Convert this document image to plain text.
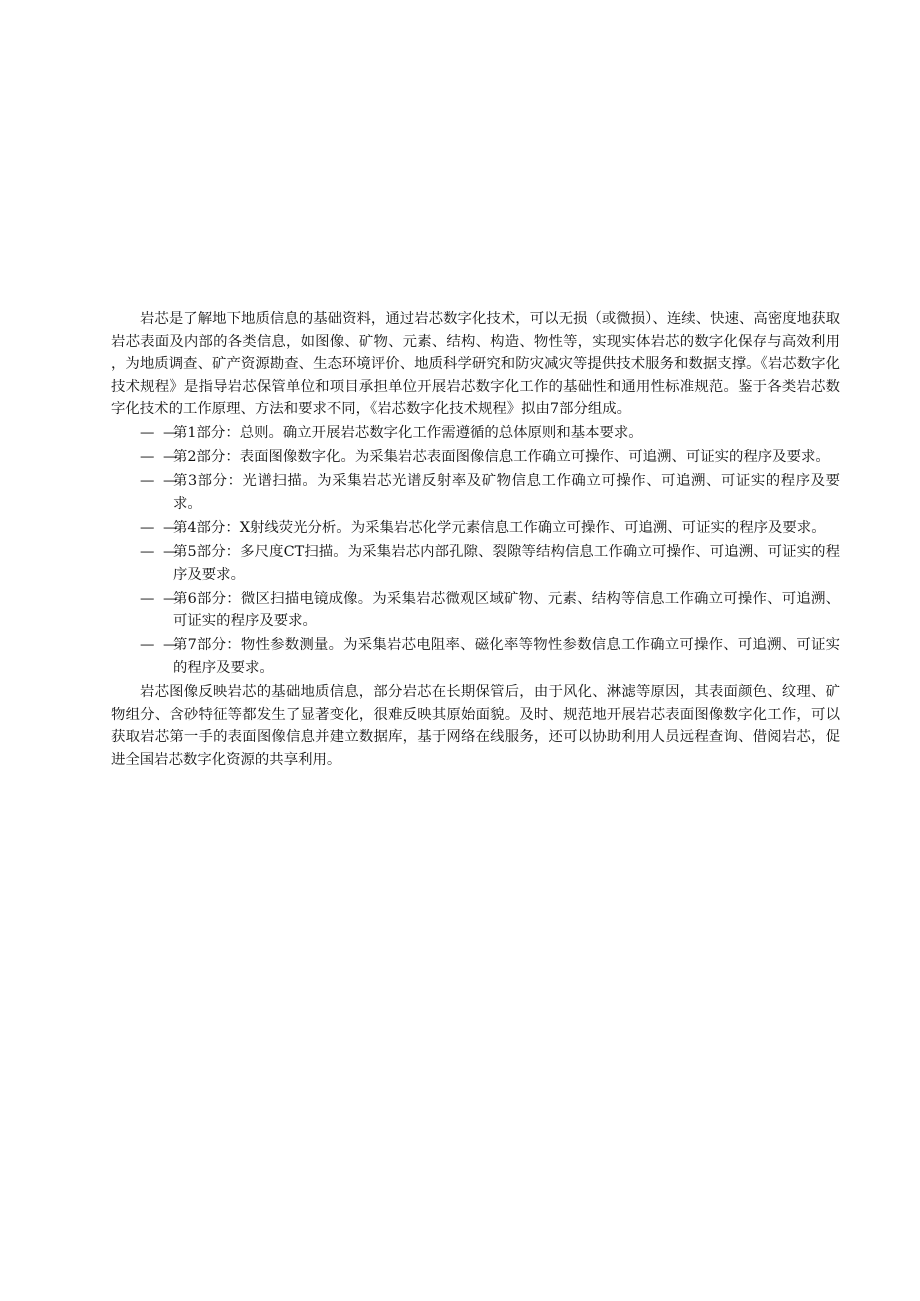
岩芯是了解地下地质信息的基础资料，通过岩芯数字化技术，可以无损（或微损）、连续、快速、高密度地获取岩芯表面及内部的各类信息，如图像、矿物、元素、结构、构造、物性等，实现实体岩芯的数字化保存与高效利用，为地质调查、矿产资源勘查、生态环境评价、地质科学研究和防灾减灾等提供技术服务和数据支撑。《岩芯数字化技术规程》是指导岩芯保管单位和项目承担单位开展岩芯数字化工作的基础性和通用性标准规范。鉴于各类岩芯数字化技术的工作原理、方法和要求不同，《岩芯数字化技术规程》拟由7部分组成。

— —
第1部分：总则。确立开展岩芯数字化工作需遵循的总体原则和基本要求。
— —
第2部分：表面图像数字化。为采集岩芯表面图像信息工作确立可操作、可追溯、可证实的程序及要求。
— —
第3部分：光谱扫描。为采集岩芯光谱反射率及矿物信息工作确立可操作、可追溯、可证实的程序及要求。
— —
第4部分：X射线荧光分析。为采集岩芯化学元素信息工作确立可操作、可追溯、可证实的程序及要求。
— —
第5部分：多尺度CT扫描。为采集岩芯内部孔隙、裂隙等结构信息工作确立可操作、可追溯、可证实的程序及要求。
— —
第6部分：微区扫描电镜成像。为采集岩芯微观区域矿物、元素、结构等信息工作确立可操作、可追溯、可证实的程序及要求。
— —
第7部分：物性参数测量。为采集岩芯电阻率、磁化率等物性参数信息工作确立可操作、可追溯、可证实的程序及要求。

岩芯图像反映岩芯的基础地质信息，部分岩芯在长期保管后，由于风化、淋滤等原因，其表面颜色、纹理、矿物组分、含砂特征等都发生了显著变化，很难反映其原始面貌。及时、规范地开展岩芯表面图像数字化工作，可以获取岩芯第一手的表面图像信息并建立数据库，基于网络在线服务，还可以协助利用人员远程查询、借阅岩芯，促进全国岩芯数字化资源的共享利用。
